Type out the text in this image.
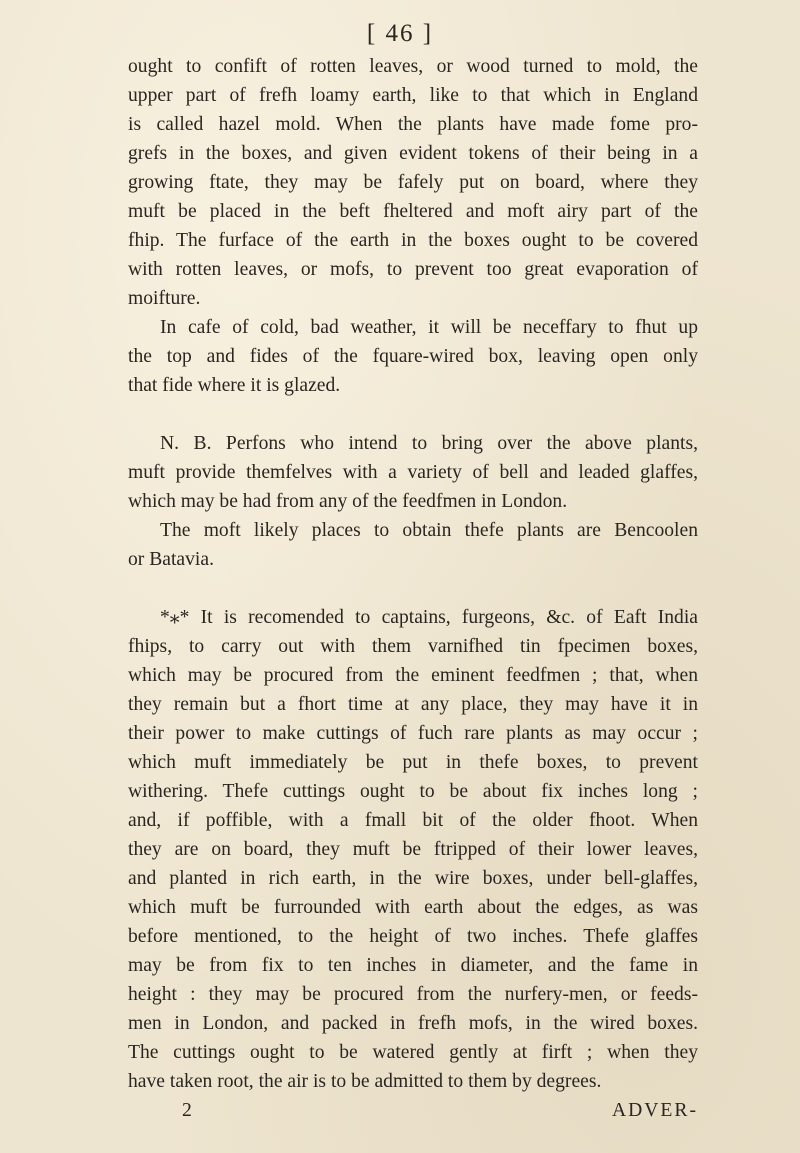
[ 46 ]
ought to confift of rotten leaves, or wood turned to mold, the
upper part of frefh loamy earth, like to that which in England
is called hazel mold. When the plants have made fome pro-
grefs in the boxes, and given evident tokens of their being in a
growing ftate, they may be fafely put on board, where they
muft be placed in the beft fheltered and moft airy part of the
fhip. The furface of the earth in the boxes ought to be covered
with rotten leaves, or mofs, to prevent too great evaporation of
moifture.
In cafe of cold, bad weather, it will be neceffary to fhut up
the top and fides of the fquare-wired box, leaving open only
that fide where it is glazed.
N. B. Perfons who intend to bring over the above plants,
muft provide themfelves with a variety of bell and leaded glaffes,
which may be had from any of the feedfmen in London.
The moft likely places to obtain thefe plants are Bencoolen
or Batavia.
*⁎* It is recomended to captains, furgeons, &c. of Eaft India
fhips, to carry out with them varnifhed tin fpecimen boxes,
which may be procured from the eminent feedfmen ; that, when
they remain but a fhort time at any place, they may have it in
their power to make cuttings of fuch rare plants as may occur ;
which muft immediately be put in thefe boxes, to prevent
withering. Thefe cuttings ought to be about fix inches long ;
and, if poffible, with a fmall bit of the older fhoot. When
they are on board, they muft be ftripped of their lower leaves,
and planted in rich earth, in the wire boxes, under bell-glaffes,
which muft be furrounded with earth about the edges, as was
before mentioned, to the height of two inches. Thefe glaffes
may be from fix to ten inches in diameter, and the fame in
height : they may be procured from the nurfery-men, or feeds-
men in London, and packed in frefh mofs, in the wired boxes.
The cuttings ought to be watered gently at firft ; when they
have taken root, the air is to be admitted to them by degrees.
2	ADVER-
